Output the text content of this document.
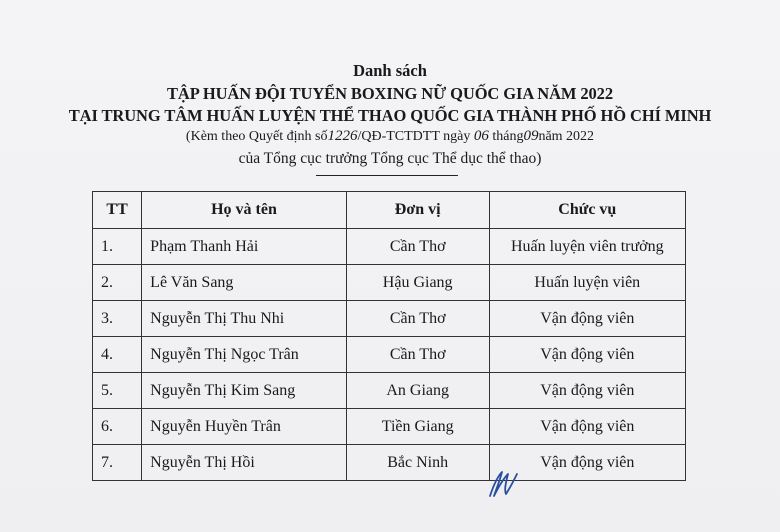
Danh sách
TẬP HUẤN ĐỘI TUYỂN BOXING NỮ QUỐC GIA NĂM 2022
TẠI TRUNG TÂM HUẤN LUYỆN THỂ THAO QUỐC GIA THÀNH PHỐ HỒ CHÍ MINH
(Kèm theo Quyết định số1226/QĐ-TCTDTT ngày 06 tháng09năm 2022
của Tổng cục trưởng Tổng cục Thể dục thể thao)
TT	Họ và tên	Đơn vị	Chức vụ
1.	Phạm Thanh Hải	Cần Thơ	Huấn luyện viên trưởng
2.	Lê Văn Sang	Hậu Giang	Huấn luyện viên
3.	Nguyễn Thị Thu Nhi	Cần Thơ	Vận động viên
4.	Nguyễn Thị Ngọc Trân	Cần Thơ	Vận động viên
5.	Nguyễn Thị Kim Sang	An Giang	Vận động viên
6.	Nguyễn Huyền Trân	Tiền Giang	Vận động viên
7.	Nguyễn Thị Hồi	Bắc Ninh	Vận động viên
